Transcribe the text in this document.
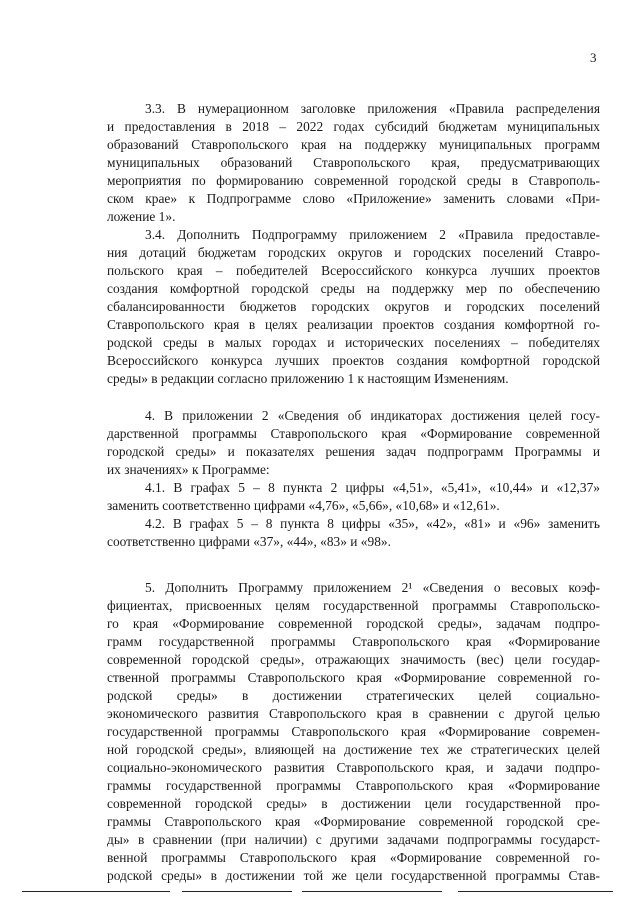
3
3.3. В нумерационном заголовке приложения «Правила распределения
и предоставления в 2018 – 2022 годах субсидий бюджетам муниципальных
образований Ставропольского края на поддержку муниципальных программ
муниципальных образований Ставропольского края, предусматривающих
мероприятия по формированию современной городской среды в Ставрополь-
ском крае» к Подпрограмме слово «Приложение» заменить словами «При-
ложение 1».
3.4. Дополнить Подпрограмму приложением 2 «Правила предоставле-
ния дотаций бюджетам городских округов и городских поселений Ставро-
польского края – победителей Всероссийского конкурса лучших проектов
создания комфортной городской среды на поддержку мер по обеспечению
сбалансированности бюджетов городских округов и городских поселений
Ставропольского края в целях реализации проектов создания комфортной го-
родской среды в малых городах и исторических поселениях – победителях
Всероссийского конкурса лучших проектов создания комфортной городской
среды» в редакции согласно приложению 1 к настоящим Изменениям.
4. В приложении 2 «Сведения об индикаторах достижения целей госу-
дарственной программы Ставропольского края «Формирование современной
городской среды» и показателях решения задач подпрограмм Программы и
их значениях» к Программе:
4.1. В графах 5 – 8 пункта 2 цифры «4,51», «5,41», «10,44» и «12,37»
заменить соответственно цифрами «4,76», «5,66», «10,68» и «12,61».
4.2. В графах 5 – 8 пункта 8 цифры «35», «42», «81» и «96» заменить
соответственно цифрами «37», «44», «83» и «98».
5. Дополнить Программу приложением 2¹ «Сведения о весовых коэф-
фициентах, присвоенных целям государственной программы Ставропольско-
го края «Формирование современной городской среды», задачам подпро-
грамм государственной программы Ставропольского края «Формирование
современной городской среды», отражающих значимость (вес) цели государ-
ственной программы Ставропольского края «Формирование современной го-
родской среды» в достижении стратегических целей социально-
экономического развития Ставропольского края в сравнении с другой целью
государственной программы Ставропольского края «Формирование современ-
ной городской среды», влияющей на достижение тех же стратегических целей
социально-экономического развития Ставропольского края, и задачи подпро-
граммы государственной программы Ставропольского края «Формирование
современной городской среды» в достижении цели государственной про-
граммы Ставропольского края «Формирование современной городской сре-
ды» в сравнении (при наличии) с другими задачами подпрограммы государст-
венной программы Ставропольского края «Формирование современной го-
родской среды» в достижении той же цели государственной программы Став-
